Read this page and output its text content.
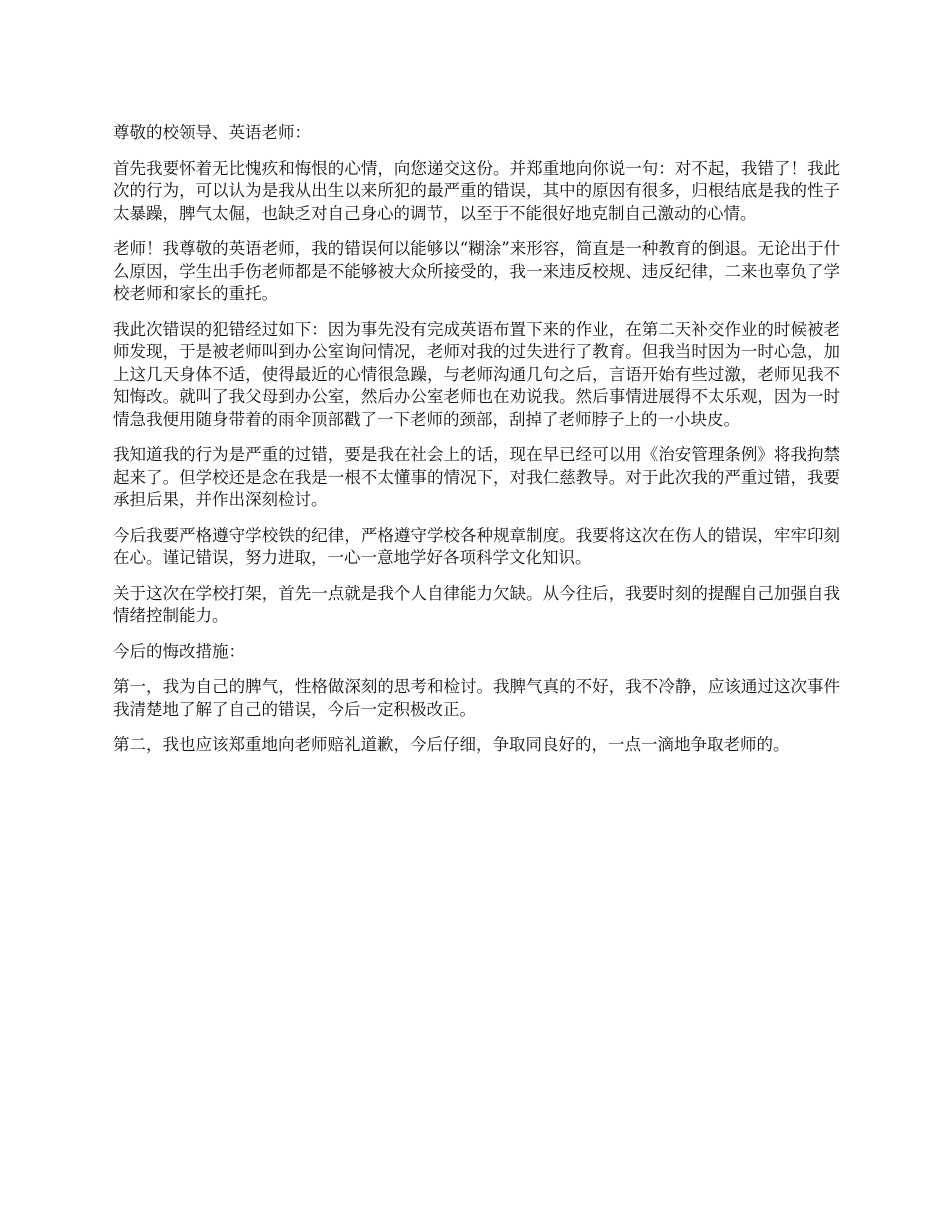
尊敬的校领导、英语老师：

首先我要怀着无比愧疚和悔恨的心情，向您递交这份。并郑重地向你说一句：对不起，我错了！我此次的行为，可以认为是我从出生以来所犯的最严重的错误，其中的原因有很多，归根结底是我的性子太暴躁，脾气太倔，也缺乏对自己身心的调节，以至于不能很好地克制自己激动的心情。

老师！我尊敬的英语老师，我的错误何以能够以“糊涂”来形容，简直是一种教育的倒退。无论出于什么原因，学生出手伤老师都是不能够被大众所接受的，我一来违反校规、违反纪律，二来也辜负了学校老师和家长的重托。

我此次错误的犯错经过如下：因为事先没有完成英语布置下来的作业，在第二天补交作业的时候被老师发现，于是被老师叫到办公室询问情况，老师对我的过失进行了教育。但我当时因为一时心急，加上这几天身体不适，使得最近的心情很急躁，与老师沟通几句之后，言语开始有些过激，老师见我不知悔改。就叫了我父母到办公室，然后办公室老师也在劝说我。然后事情进展得不太乐观，因为一时情急我便用随身带着的雨伞顶部戳了一下老师的颈部，刮掉了老师脖子上的一小块皮。

我知道我的行为是严重的过错，要是我在社会上的话，现在早已经可以用《治安管理条例》将我拘禁起来了。但学校还是念在我是一根不太懂事的情况下，对我仁慈教导。对于此次我的严重过错，我要承担后果，并作出深刻检讨。

今后我要严格遵守学校铁的纪律，严格遵守学校各种规章制度。我要将这次在伤人的错误，牢牢印刻在心。谨记错误，努力进取，一心一意地学好各项科学文化知识。

关于这次在学校打架，首先一点就是我个人自律能力欠缺。从今往后，我要时刻的提醒自己加强自我情绪控制能力。

今后的悔改措施：

第一，我为自己的脾气，性格做深刻的思考和检讨。我脾气真的不好，我不冷静，应该通过这次事件我清楚地了解了自己的错误，今后一定积极改正。

第二，我也应该郑重地向老师赔礼道歉，今后仔细，争取同良好的，一点一滴地争取老师的。
